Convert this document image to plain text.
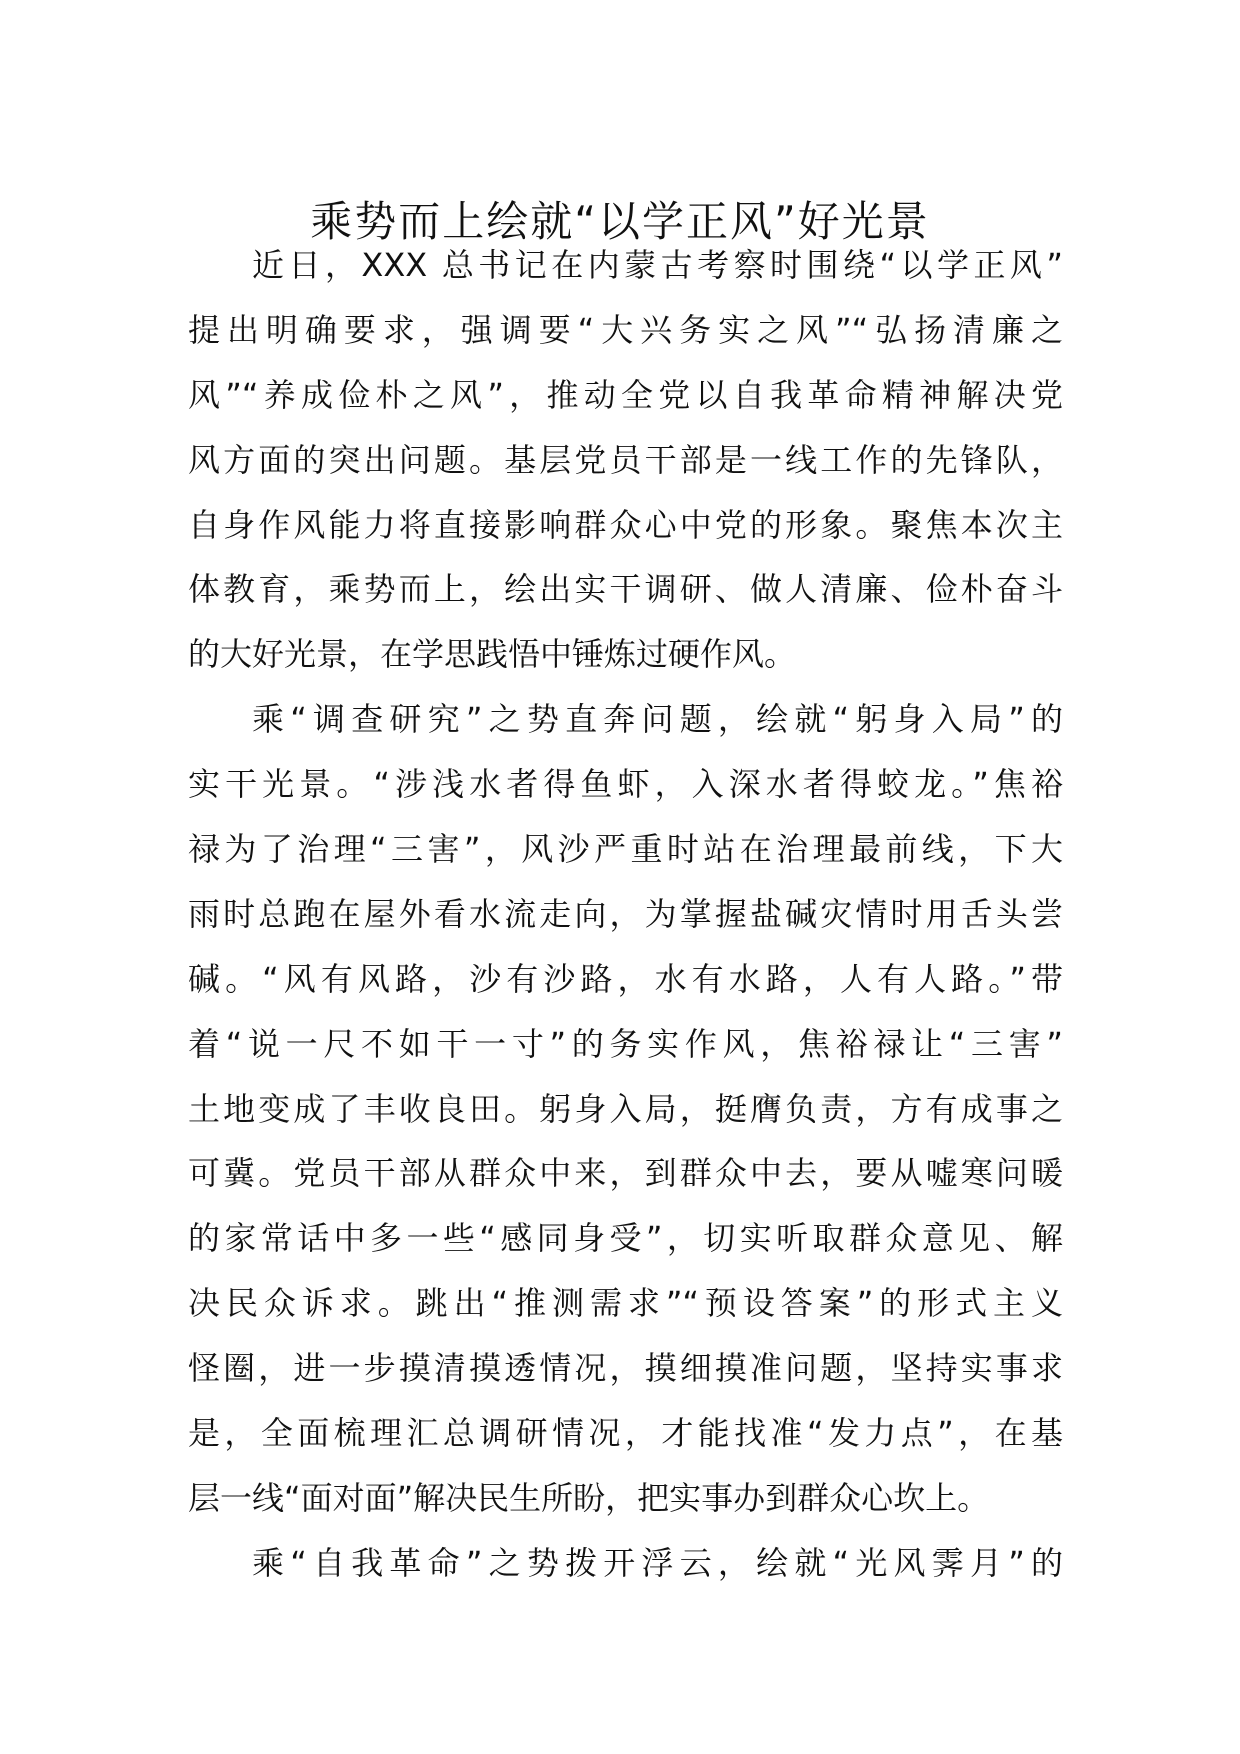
乘势而上绘就“以学正风”好光景
近日，XXX 总书记在内蒙古考察时围绕“以学正风”
提出明确要求，强调要“大兴务实之风”“弘扬清廉之
风”“养成俭朴之风”，推动全党以自我革命精神解决党
风方面的突出问题。基层党员干部是一线工作的先锋队，
自身作风能力将直接影响群众心中党的形象。聚焦本次主
体教育，乘势而上，绘出实干调研、做人清廉、俭朴奋斗
的大好光景，在学思践悟中锤炼过硬作风。
乘“调查研究”之势直奔问题，绘就“躬身入局”的
实干光景。“涉浅水者得鱼虾，入深水者得蛟龙。”焦裕
禄为了治理“三害”，风沙严重时站在治理最前线，下大
雨时总跑在屋外看水流走向，为掌握盐碱灾情时用舌头尝
碱。“风有风路，沙有沙路，水有水路，人有人路。”带
着“说一尺不如干一寸”的务实作风，焦裕禄让“三害”
土地变成了丰收良田。躬身入局，挺膺负责，方有成事之
可冀。党员干部从群众中来，到群众中去，要从嘘寒问暖
的家常话中多一些“感同身受”，切实听取群众意见、解
决民众诉求。跳出“推测需求”“预设答案”的形式主义
怪圈，进一步摸清摸透情况，摸细摸准问题，坚持实事求
是，全面梳理汇总调研情况，才能找准“发力点”，在基
层一线“面对面”解决民生所盼，把实事办到群众心坎上。
乘“自我革命”之势拨开浮云，绘就“光风霁月”的
